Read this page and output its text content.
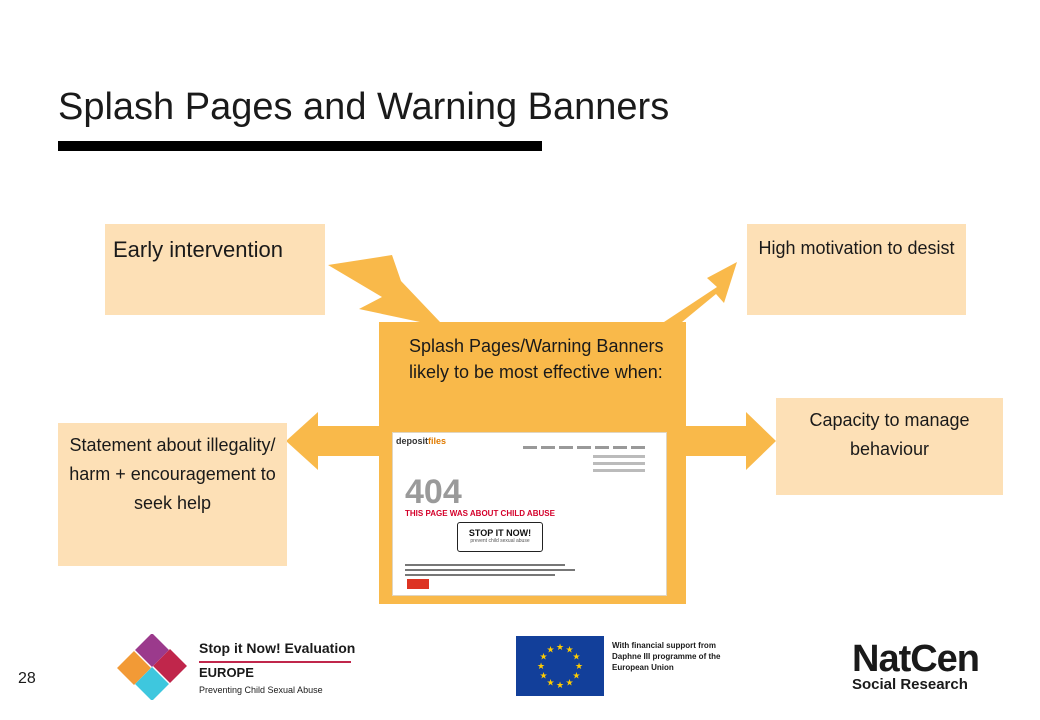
Splash Pages and Warning Banners
Early intervention	High motivation to desist
Statement about illegality/ harm + encouragement to seek help
Capacity to manage behaviour
Splash Pages/Warning Banners likely to be most effective when:
depositfiles
404
THIS PAGE WAS ABOUT CHILD ABUSE
STOP IT NOW!
prevent child sexual abuse
28
Stop it Now! Evaluation
EUROPE
Preventing Child Sexual Abuse
★ ★
★
★
★
★
★
★
★
★
★
★	With financial support from Daphne III programme of the European Union	NatCen
Social Research
